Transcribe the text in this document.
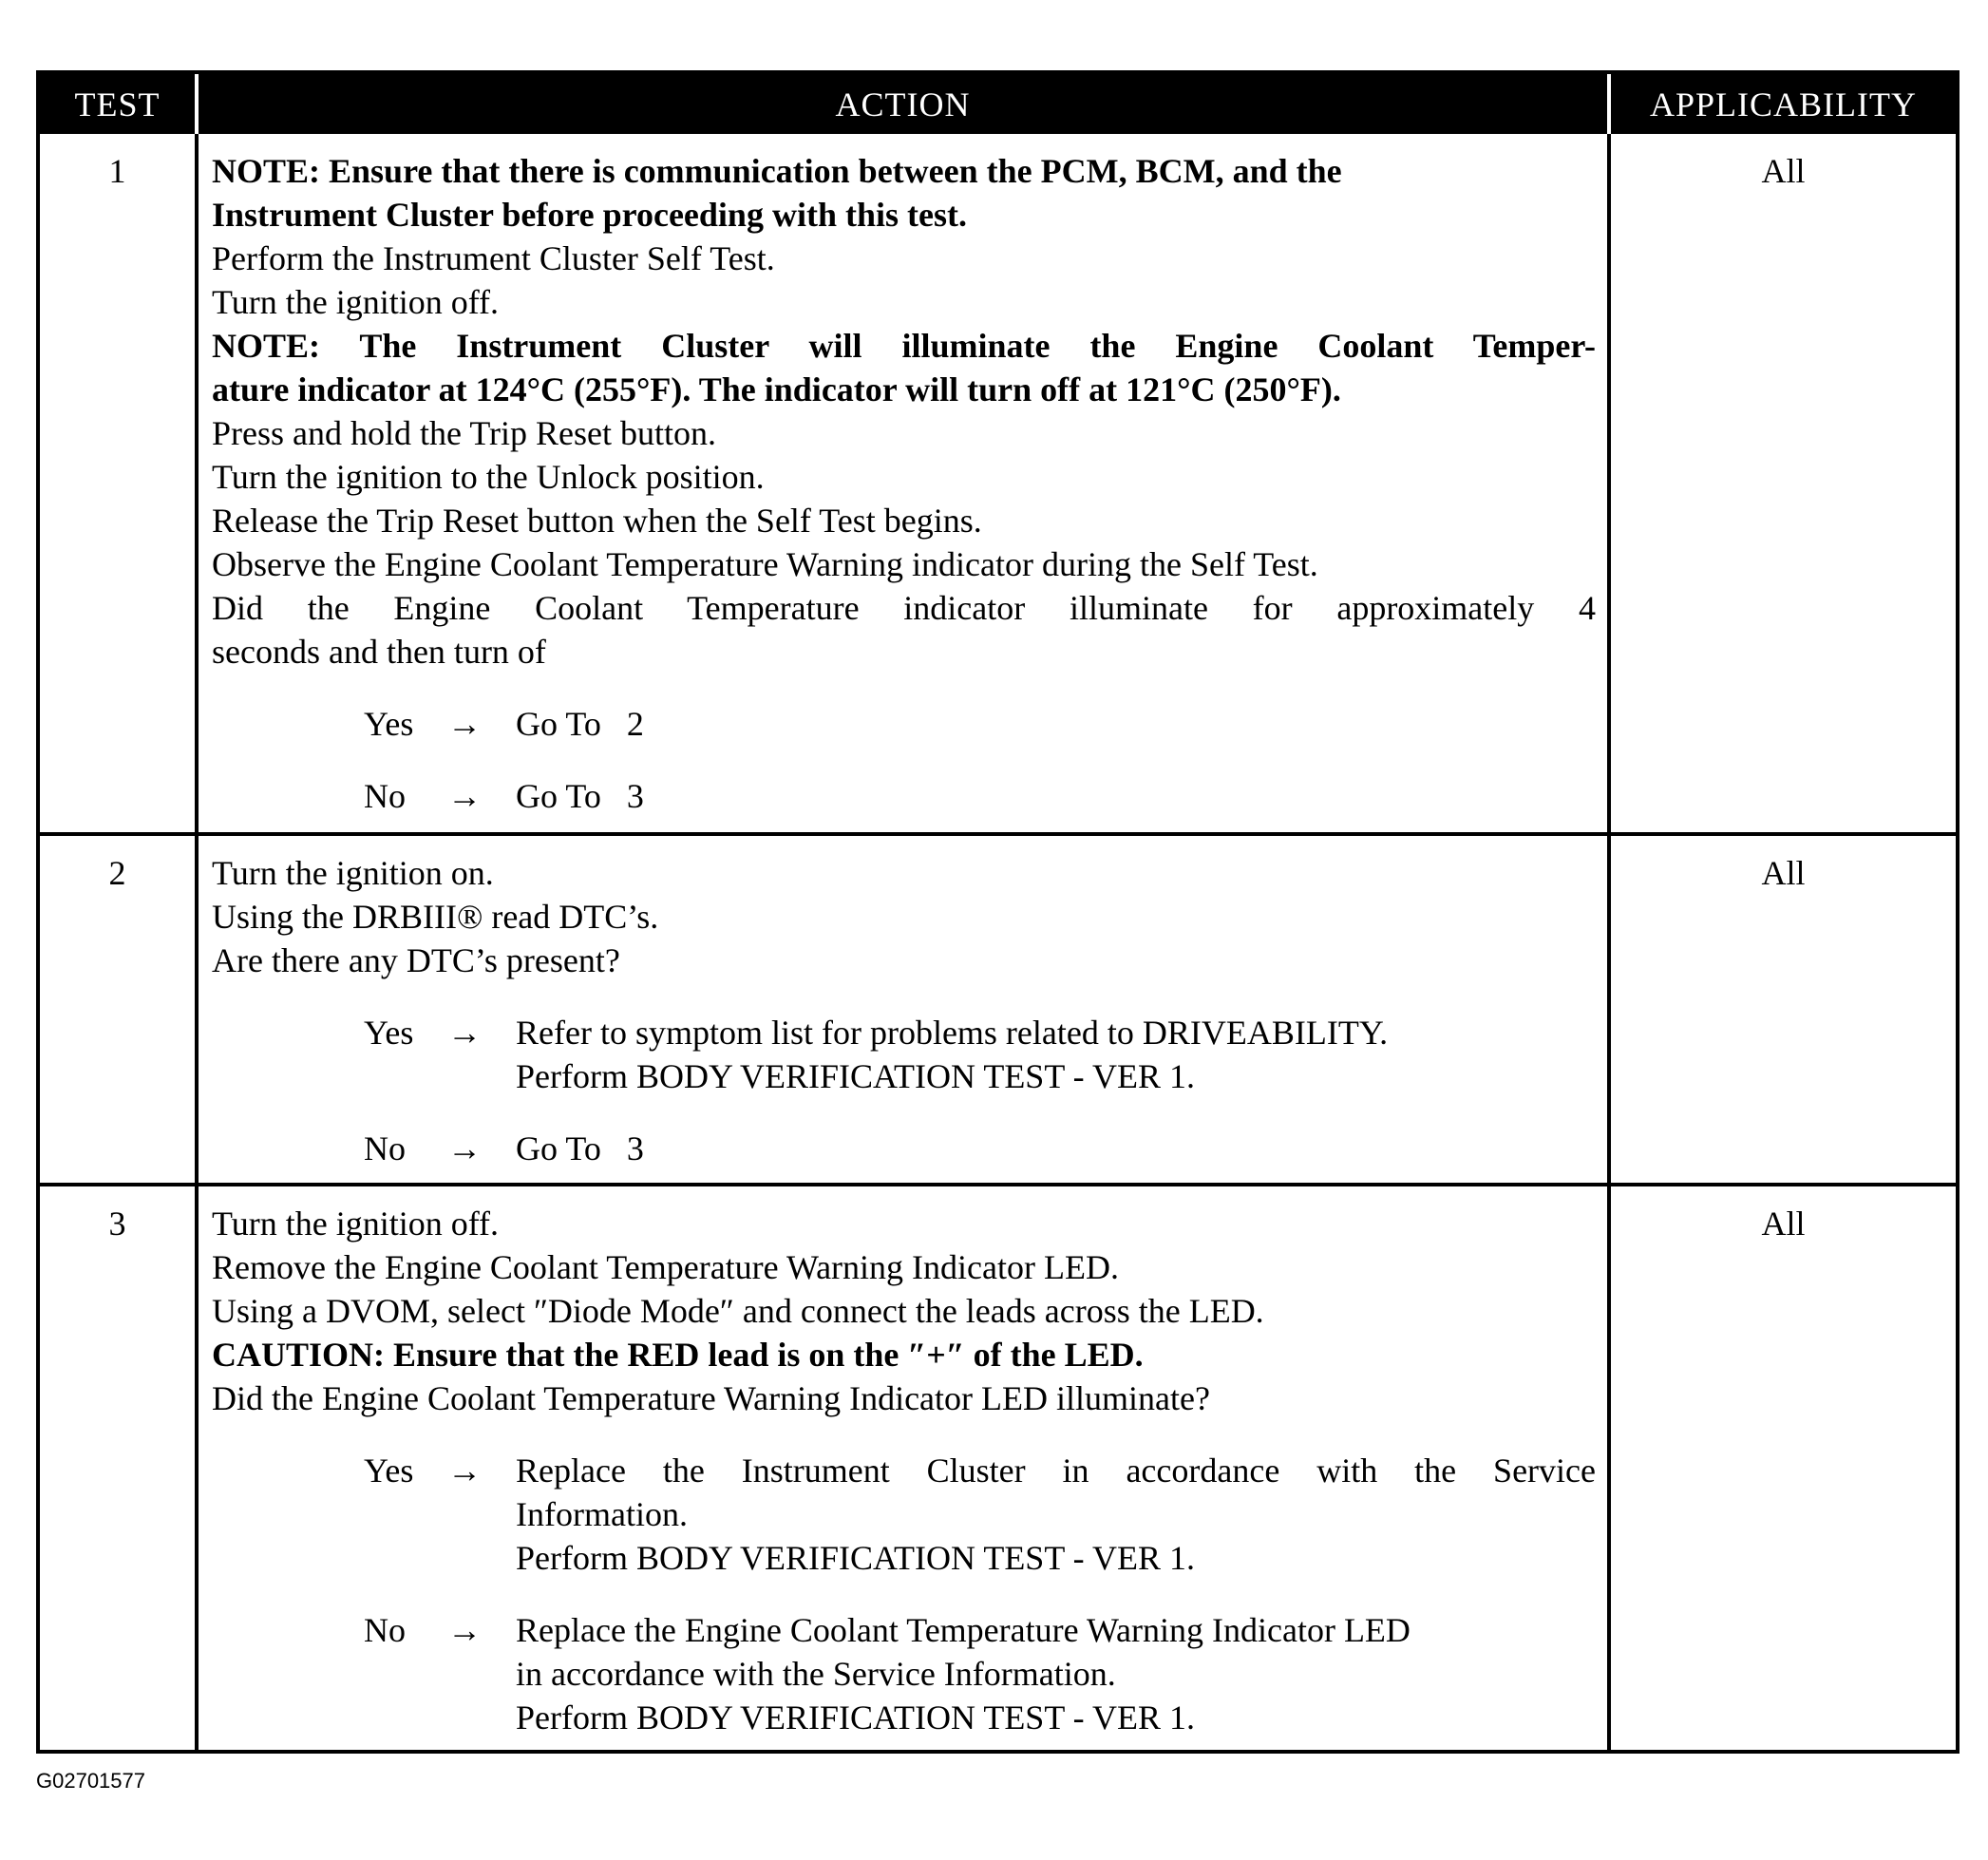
TEST	ACTION	APPLICABILITY
1	NOTE: Ensure that there is communication between the PCM, BCM, and the
Instrument Cluster before proceeding with this test.
Perform the Instrument Cluster Self Test.
Turn the ignition off.
NOTE: The Instrument Cluster will illuminate the Engine Coolant Temper-
ature indicator at 124°C (255°F). The indicator will turn off at 121°C (250°F).
Press and hold the Trip Reset button.
Turn the ignition to the Unlock position.
Release the Trip Reset button when the Self Test begins.
Observe the Engine Coolant Temperature Warning indicator during the Self Test.
Did the Engine Coolant Temperature indicator illuminate for approximately 4
seconds and then turn of
Yes →	Go To   2
No	→	Go To   3
All
2	Turn the ignition on.
Using the DRBIII® read DTC’s.
Are there any DTC’s present?
Yes →	Refer to symptom list for problems related to DRIVEABILITY.
Perform BODY VERIFICATION TEST - VER 1.
No	→	Go To   3
All
3	Turn the ignition off.
Remove the Engine Coolant Temperature Warning Indicator LED.
Using a DVOM, select ″Diode Mode″ and connect the leads across the LED.
CAUTION: Ensure that the RED lead is on the ″+″ of the LED.
Did the Engine Coolant Temperature Warning Indicator LED illuminate?
Yes →	Replace the Instrument Cluster in accordance with the Service
Information.
Perform BODY VERIFICATION TEST - VER 1.
No	→	Replace the Engine Coolant Temperature Warning Indicator LED
in accordance with the Service Information.
Perform BODY VERIFICATION TEST - VER 1.
All
G02701577
